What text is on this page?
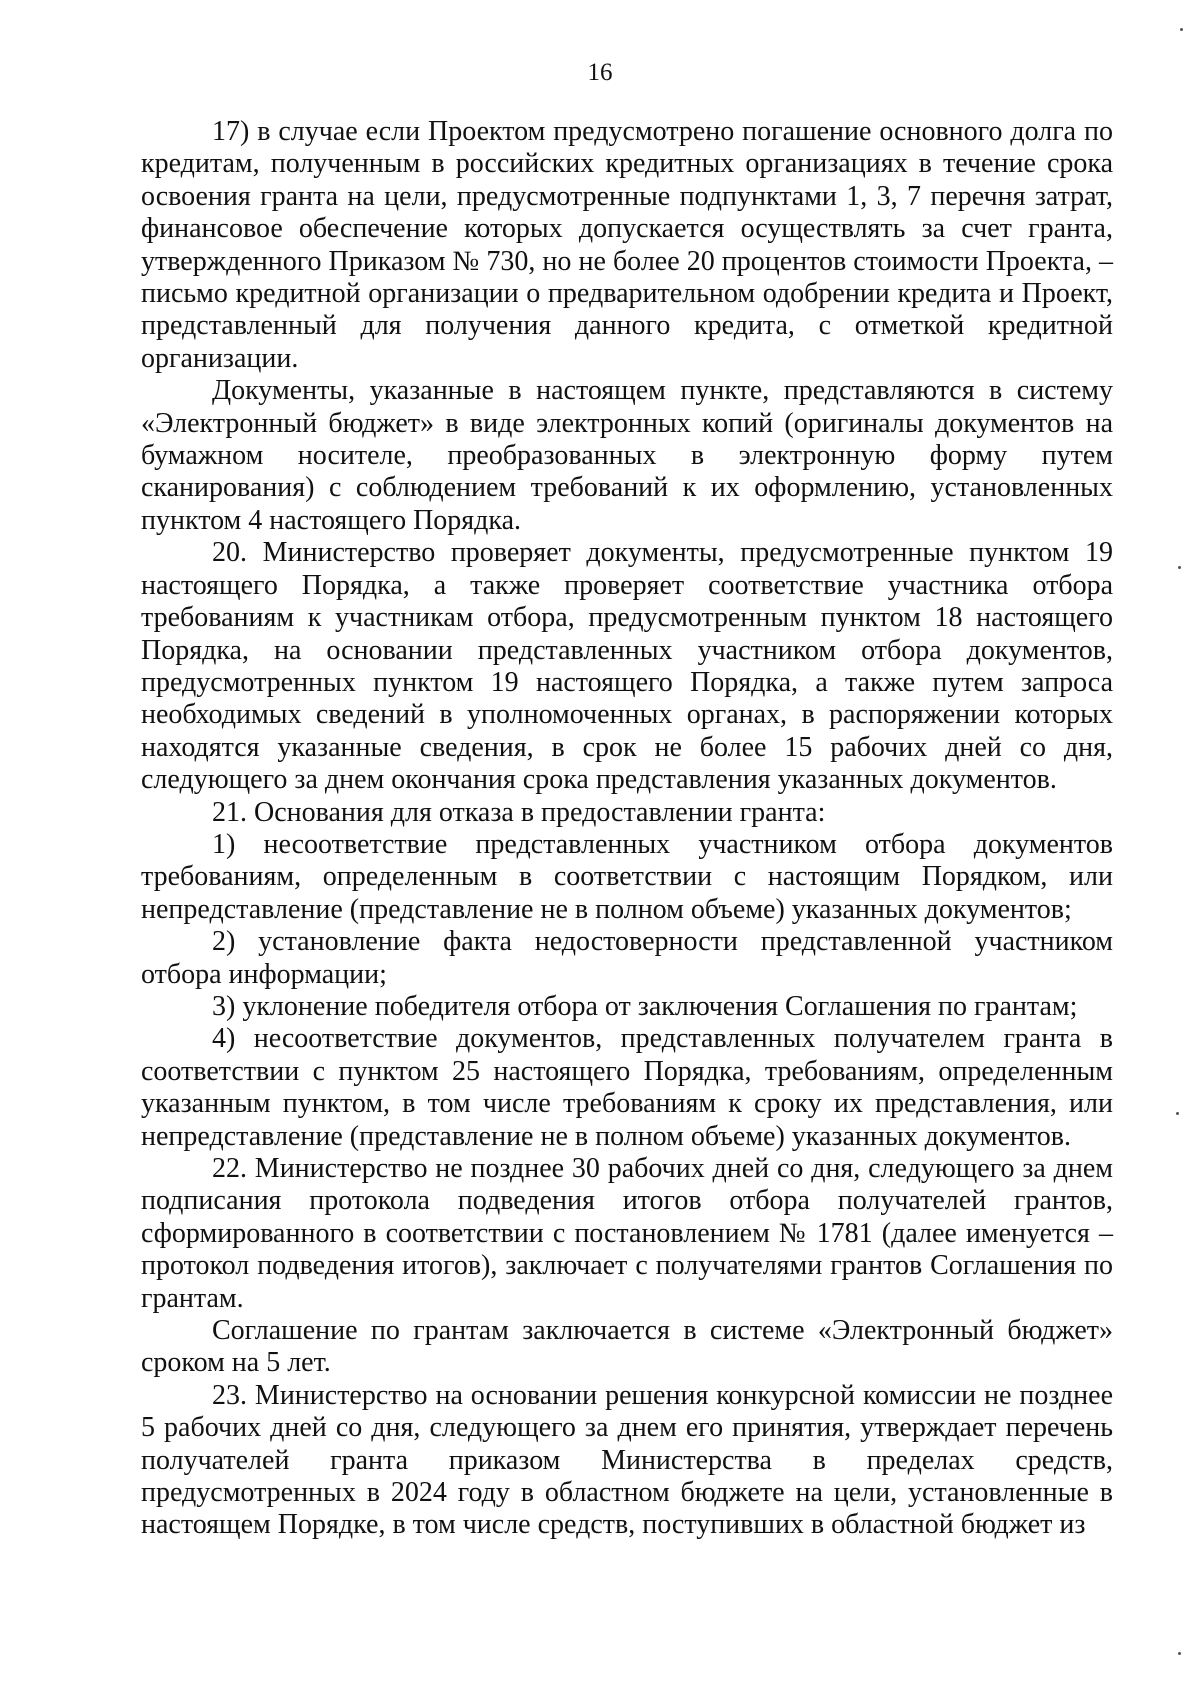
16

17) в случае если Проектом предусмотрено погашение основного долга по кредитам, полученным в российских кредитных организациях в течение срока освоения гранта на цели, предусмотренные подпунктами 1, 3, 7 перечня затрат, финансовое обеспечение которых допускается осуществлять за счет гранта, утвержденного Приказом № 730, но не более 20 процентов стоимости Проекта, – письмо кредитной организации о предварительном одобрении кредита и Проект, представленный для получения данного кредита, с отметкой кредитной организации.

Документы, указанные в настоящем пункте, представляются в систему «Электронный бюджет» в виде электронных копий (оригиналы документов на бумажном носителе, преобразованных в электронную форму путем сканирования) с соблюдением требований к их оформлению, установленных пунктом 4 настоящего Порядка.

20. Министерство проверяет документы, предусмотренные пунктом 19 настоящего Порядка, а также проверяет соответствие участника отбора требованиям к участникам отбора, предусмотренным пунктом 18 настоящего Порядка, на основании представленных участником отбора документов, предусмотренных пунктом 19 настоящего Порядка, а также путем запроса необходимых сведений в уполномоченных органах, в распоряжении которых находятся указанные сведения, в срок не более 15 рабочих дней со дня, следующего за днем окончания срока представления указанных документов.

21. Основания для отказа в предоставлении гранта:

1) несоответствие представленных участником отбора документов требованиям, определенным в соответствии с настоящим Порядком, или непредставление (представление не в полном объеме) указанных документов;

2) установление факта недостоверности представленной участником отбора информации;

3) уклонение победителя отбора от заключения Соглашения по грантам;

4) несоответствие документов, представленных получателем гранта в соответствии с пунктом 25 настоящего Порядка, требованиям, определенным указанным пунктом, в том числе требованиям к сроку их представления, или непредставление (представление не в полном объеме) указанных документов.

22. Министерство не позднее 30 рабочих дней со дня, следующего за днем подписания протокола подведения итогов отбора получателей грантов, сформированного в соответствии с постановлением № 1781 (далее именуется – протокол подведения итогов), заключает с получателями грантов Соглашения по грантам.

Соглашение по грантам заключается в системе «Электронный бюджет» сроком на 5 лет.

23. Министерство на основании решения конкурсной комиссии не позднее 5 рабочих дней со дня, следующего за днем его принятия, утверждает перечень получателей гранта приказом Министерства в пределах средств, предусмотренных в 2024 году в областном бюджете на цели, установленные в настоящем Порядке, в том числе средств, поступивших в областной бюджет из
